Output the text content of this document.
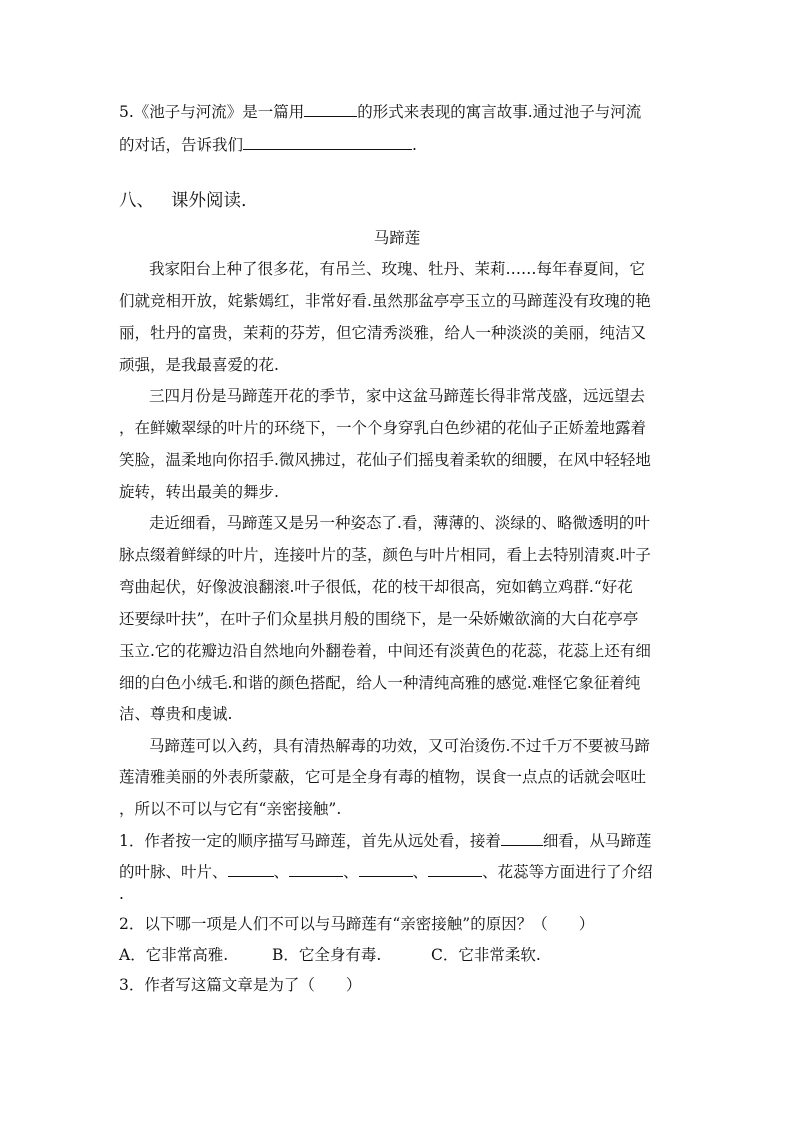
5.《池子与河流》是一篇用	的形式来表现的寓言故事.通过池子与河流
的对话，告诉我们	.
八、 课外阅读.
马蹄莲
我家阳台上种了很多花，有吊兰、玫瑰、牡丹、茉莉……每年春夏间，它
们就竞相开放，姹紫嫣红，非常好看.虽然那盆亭亭玉立的马蹄莲没有玫瑰的艳
丽，牡丹的富贵，茉莉的芬芳，但它清秀淡雅，给人一种淡淡的美丽，纯洁又
顽强，是我最喜爱的花.
三四月份是马蹄莲开花的季节，家中这盆马蹄莲长得非常茂盛，远远望去
，在鲜嫩翠绿的叶片的环绕下，一个个身穿乳白色纱裙的花仙子正娇羞地露着
笑脸，温柔地向你招手.微风拂过，花仙子们摇曳着柔软的细腰，在风中轻轻地
旋转，转出最美的舞步.
走近细看，马蹄莲又是另一种姿态了.看，薄薄的、淡绿的、略微透明的叶
脉点缀着鲜绿的叶片，连接叶片的茎，颜色与叶片相同，看上去特别清爽.叶子
弯曲起伏，好像波浪翻滚.叶子很低，花的枝干却很高，宛如鹤立鸡群.“好花
还要绿叶扶”，在叶子们众星拱月般的围绕下，是一朵娇嫩欲滴的大白花亭亭
玉立.它的花瓣边沿自然地向外翻卷着，中间还有淡黄色的花蕊，花蕊上还有细
细的白色小绒毛.和谐的颜色搭配，给人一种清纯高雅的感觉.难怪它象征着纯
洁、尊贵和虔诚.
马蹄莲可以入药，具有清热解毒的功效，又可治烫伤.不过千万不要被马蹄
莲清雅美丽的外表所蒙蔽，它可是全身有毒的植物，误食一点点的话就会呕吐
，所以不可以与它有“亲密接触”.
1．作者按一定的顺序描写马蹄莲，首先从远处看，接着	细看，从马蹄莲
的叶脉、叶片、	、	、	、	、花蕊等方面进行了介绍
.
2．以下哪一项是人们不可以与马蹄莲有“亲密接触”的原因？（　　）
A．它非常高雅.	B．它全身有毒.	C．它非常柔软.
3．作者写这篇文章是为了（　　）
